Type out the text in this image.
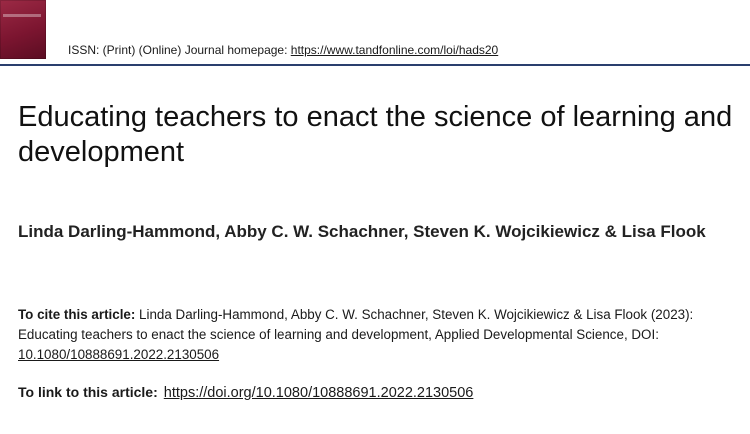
ISSN: (Print) (Online) Journal homepage: https://www.tandfonline.com/loi/hads20
Educating teachers to enact the science of learning and development
Linda Darling-Hammond, Abby C. W. Schachner, Steven K. Wojcikiewicz & Lisa Flook
To cite this article: Linda Darling-Hammond, Abby C. W. Schachner, Steven K. Wojcikiewicz & Lisa Flook (2023): Educating teachers to enact the science of learning and development, Applied Developmental Science, DOI: 10.1080/10888691.2022.2130506
To link to this article: https://doi.org/10.1080/10888691.2022.2130506
